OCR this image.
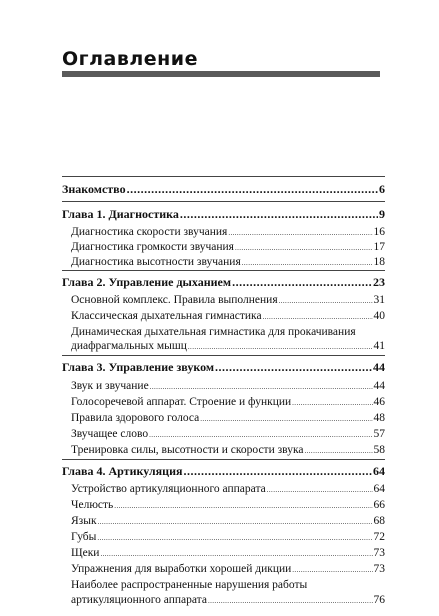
Оглавление
Знакомство .....	6
Глава 1. Диагностика .....	9
Диагностика скорости звучания .....	16
Диагностика громкости звучания .....	17
Диагностика высотности звучания .....	18
Глава 2. Управление дыханием .....	23
Основной комплекс. Правила выполнения .....	31
Классическая дыхательная гимнастика .....	40
Динамическая дыхательная гимнастика для прокачивания
диафрагмальных мышц .....	41
Глава 3. Управление звуком .....	44
Звук и звучание .....	44
Голосоречевой аппарат. Строение и функции .....	46
Правила здорового голоса .....	48
Звучащее слово .....	57
Тренировка силы, высотности и скорости звука .....	58
Глава 4. Артикуляция .....	64
Устройство артикуляционного аппарата .....	64
Челюсть .....	66
Язык .....	68
Губы .....	72
Щеки .....	73
Упражнения для выработки хорошей дикции .....	73
Наиболее распространенные нарушения работы
артикуляционного аппарата .....	76
